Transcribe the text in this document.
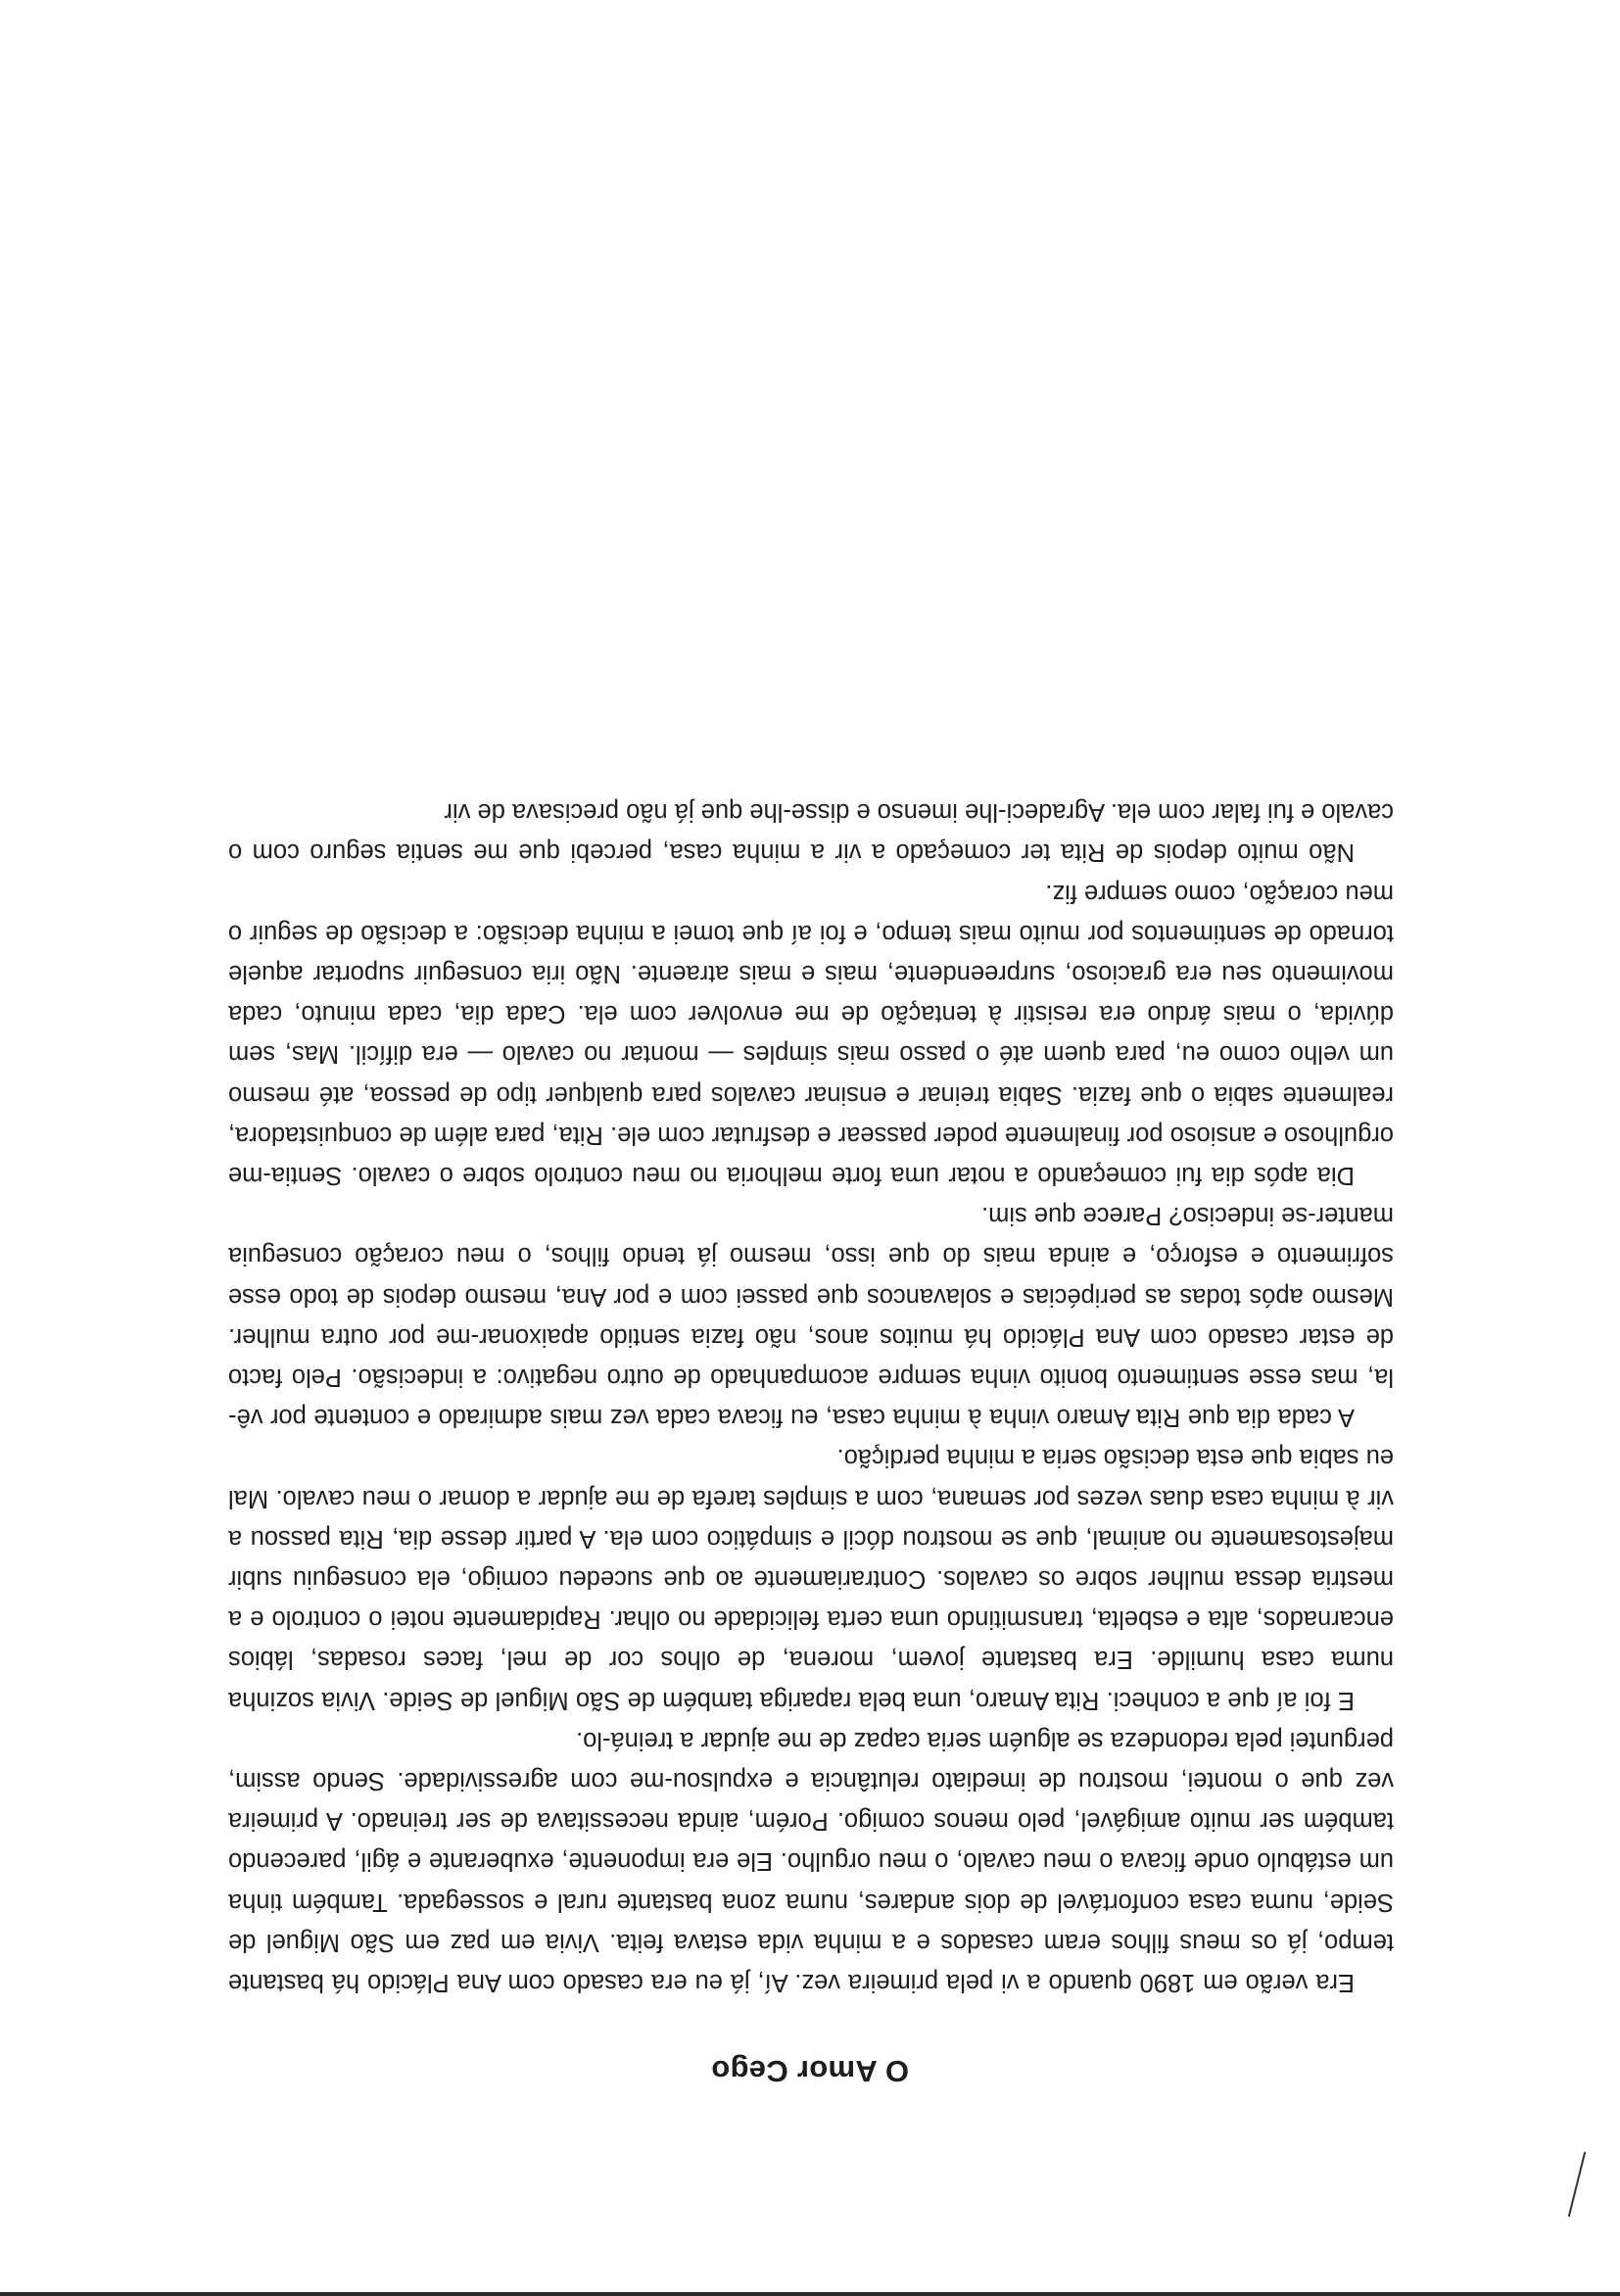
O Amor Cego

Era verão em 1890 quando a vi pela primeira vez. Aí, já eu era casado com Ana Plácido há bastante tempo, já os meus filhos eram casados e a minha vida estava feita. Vivia em paz em São Miguel de Seide, numa casa confortável de dois andares, numa zona bastante rural e sossegada. Também tinha um estábulo onde ficava o meu cavalo, o meu orgulho. Ele era imponente, exuberante e ágil, parecendo também ser muito amigável, pelo menos comigo. Porém, ainda necessitava de ser treinado. A primeira vez que o montei, mostrou de imediato relutância e expulsou-me com agressividade. Sendo assim, perguntei pela redondeza se alguém seria capaz de me ajudar a treiná-lo.

E foi aí que a conheci. Rita Amaro, uma bela rapariga também de São Miguel de Seide. Vivia sozinha numa casa humilde. Era bastante jovem, morena, de olhos cor de mel, faces rosadas, lábios encarnados, alta e esbelta, transmitindo uma certa felicidade no olhar. Rapidamente notei o controlo e a mestria dessa mulher sobre os cavalos. Contrariamente ao que sucedeu comigo, ela conseguiu subir majestosamente no animal, que se mostrou dócil e simpático com ela. A partir desse dia, Rita passou a vir à minha casa duas vezes por semana, com a simples tarefa de me ajudar a domar o meu cavalo. Mal eu sabia que esta decisão seria a minha perdição.

A cada dia que Rita Amaro vinha à minha casa, eu ficava cada vez mais admirado e contente por vê-la, mas esse sentimento bonito vinha sempre acompanhado de outro negativo: a indecisão. Pelo facto de estar casado com Ana Plácido há muitos anos, não fazia sentido apaixonar-me por outra mulher. Mesmo após todas as peripécias e solavancos que passei com e por Ana, mesmo depois de todo esse sofrimento e esforço, e ainda mais do que isso, mesmo já tendo filhos, o meu coração conseguia manter-se indeciso? Parece que sim.

Dia após dia fui começando a notar uma forte melhoria no meu controlo sobre o cavalo. Sentia-me orgulhoso e ansioso por finalmente poder passear e desfrutar com ele. Rita, para além de conquistadora, realmente sabia o que fazia. Sabia treinar e ensinar cavalos para qualquer tipo de pessoa, até mesmo um velho como eu, para quem até o passo mais simples — montar no cavalo — era difícil. Mas, sem dúvida, o mais árduo era resistir à tentação de me envolver com ela. Cada dia, cada minuto, cada movimento seu era gracioso, surpreendente, mais e mais atraente. Não iria conseguir suportar aquele tornado de sentimentos por muito mais tempo, e foi aí que tomei a minha decisão: a decisão de seguir o meu coração, como sempre fiz.

Não muito depois de Rita ter começado a vir a minha casa, percebi que me sentia seguro com o cavalo e fui falar com ela. Agradeci-lhe imenso e disse-lhe que já não precisava de vir
